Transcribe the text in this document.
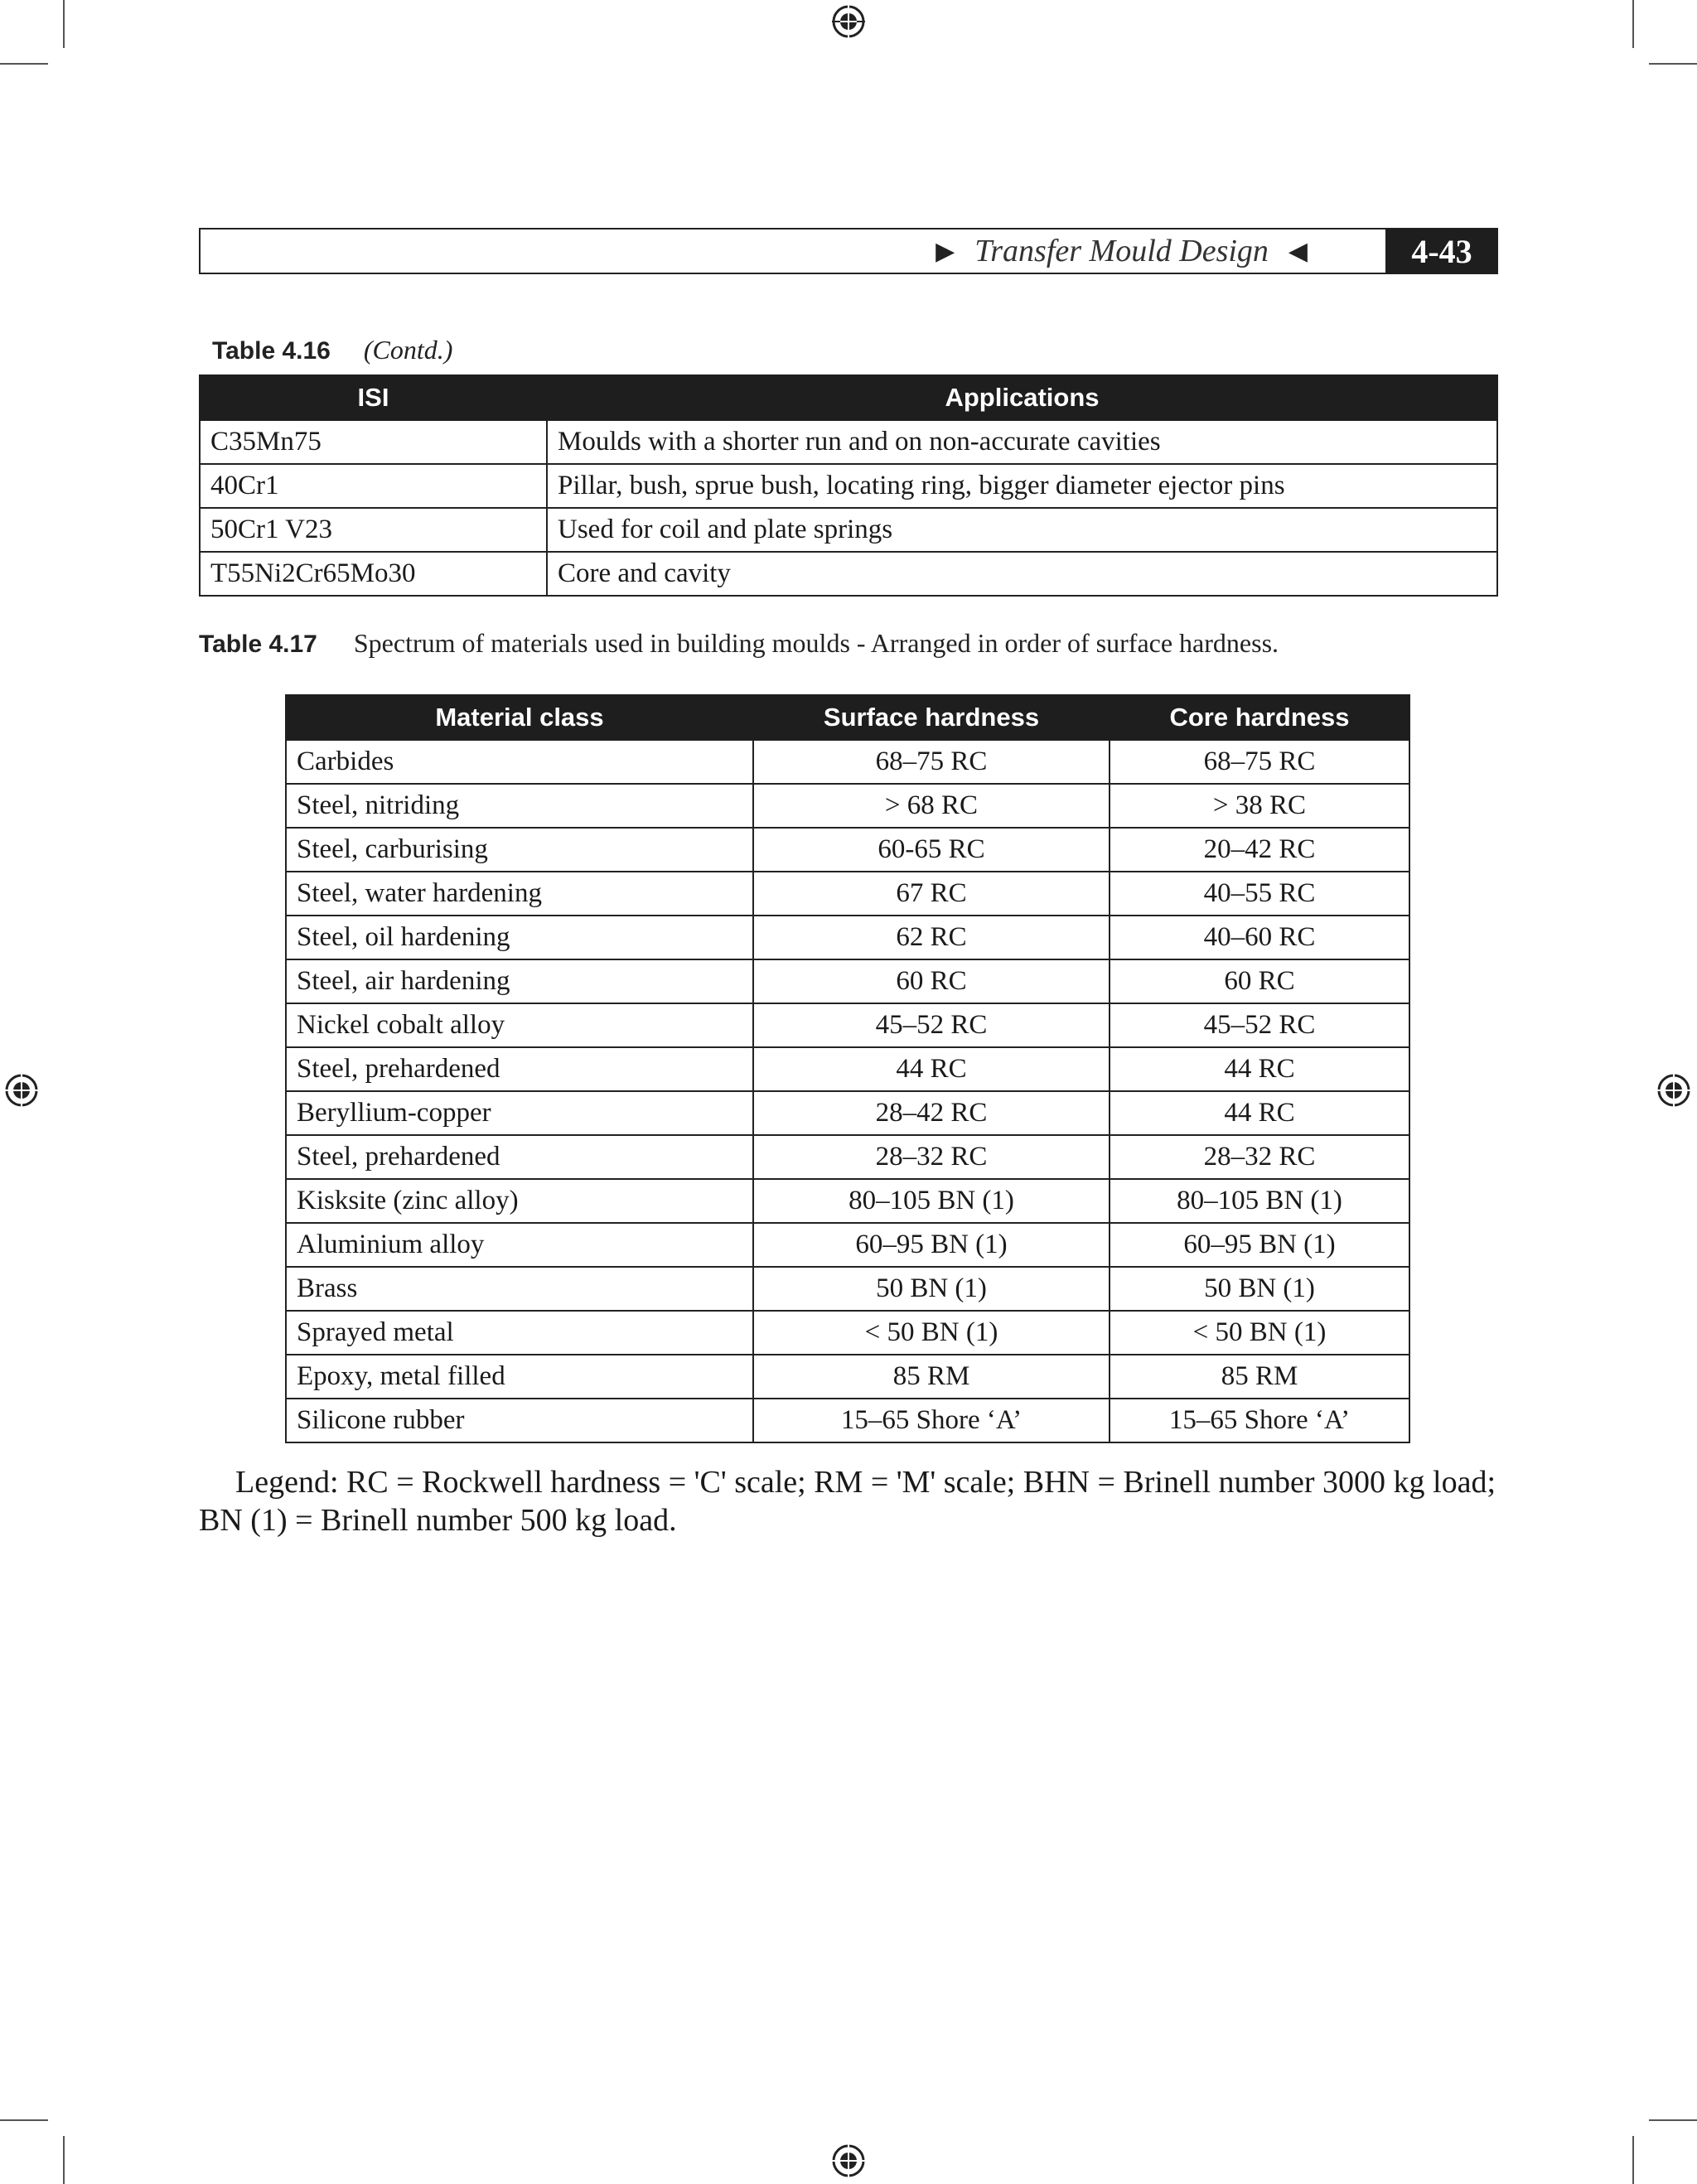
▶ Transfer Mould Design ◀	4-43
Table 4.16 (Contd.)
ISI	Applications
C35Mn75	Moulds with a shorter run and on non-accurate cavities
40Cr1	Pillar, bush, sprue bush, locating ring, bigger diameter ejector pins
50Cr1 V23	Used for coil and plate springs
T55Ni2Cr65Mo30	Core and cavity
Table 4.17 Spectrum of materials used in building moulds - Arranged in order of surface hardness.
Material class	Surface hardness	Core hardness
Carbides	68–75 RC	68–75 RC
Steel, nitriding	> 68 RC	> 38 RC
Steel, carburising	60-65 RC	20–42 RC
Steel, water hardening	67 RC	40–55 RC
Steel, oil hardening	62 RC	40–60 RC
Steel, air hardening	60 RC	60 RC
Nickel cobalt alloy	45–52 RC	45–52 RC
Steel, prehardened	44 RC	44 RC
Beryllium-copper	28–42 RC	44 RC
Steel, prehardened	28–32 RC	28–32 RC
Kisksite (zinc alloy)	80–105 BN (1)	80–105 BN (1)
Aluminium alloy	60–95 BN (1)	60–95 BN (1)
Brass	50 BN (1)	50 BN (1)
Sprayed metal	< 50 BN (1)	< 50 BN (1)
Epoxy, metal filled	85 RM	85 RM
Silicone rubber	15–65 Shore ‘A’	15–65 Shore ‘A’
Legend: RC = Rockwell hardness = 'C' scale; RM = 'M' scale; BHN = Brinell number 3000 kg load; BN (1) = Brinell number 500 kg load.
